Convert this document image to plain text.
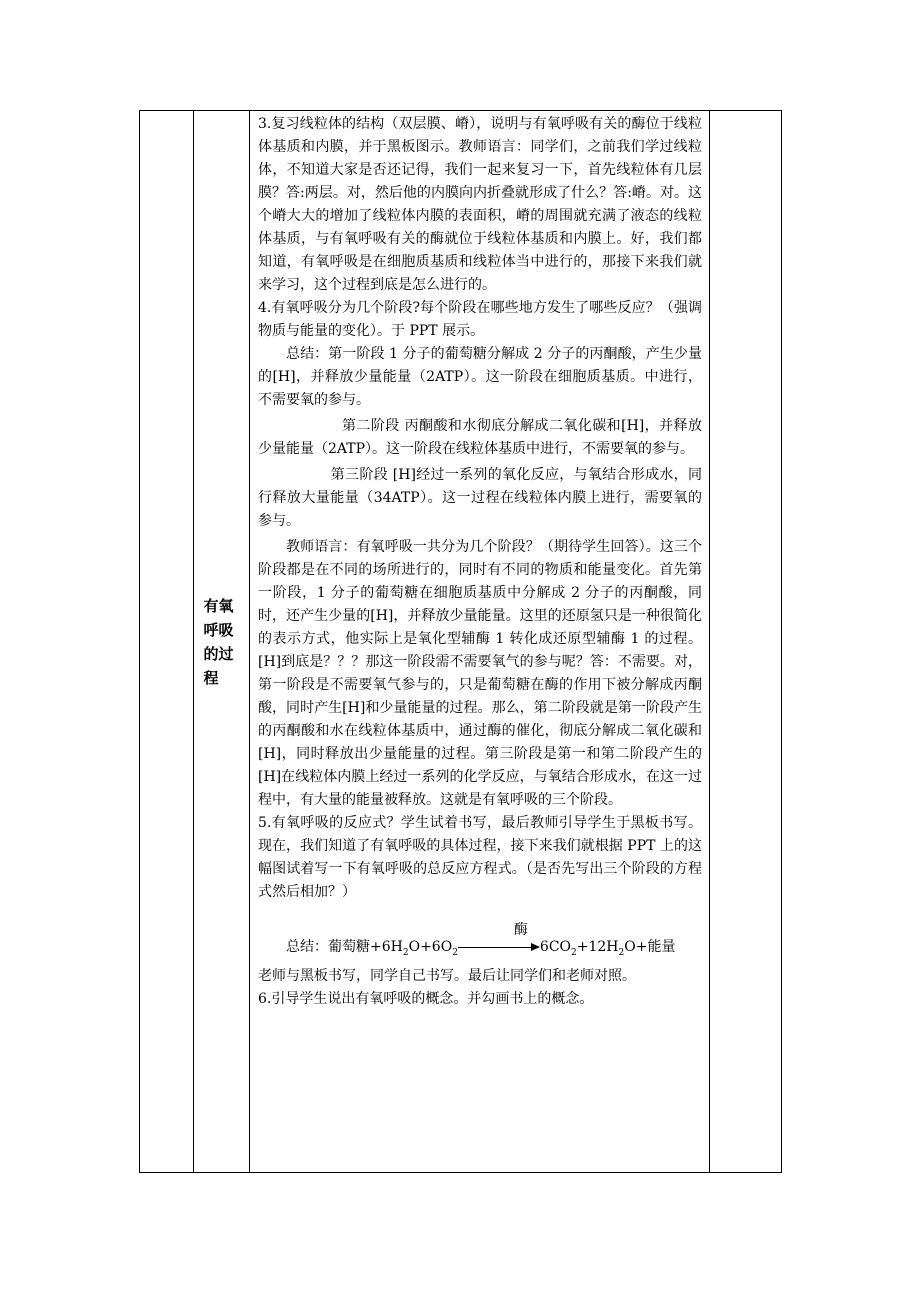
有氧呼吸的过程

3.复习线粒体的结构（双层膜、嵴），说明与有氧呼吸有关的酶位于线粒体基质和内膜，并于黑板图示。教师语言：同学们，之前我们学过线粒体，不知道大家是否还记得，我们一起来复习一下，首先线粒体有几层膜？答:两层。对，然后他的内膜向内折叠就形成了什么？答:嵴。对。这个嵴大大的增加了线粒体内膜的表面积，嵴的周围就充满了液态的线粒体基质，与有氧呼吸有关的酶就位于线粒体基质和内膜上。好，我们都知道，有氧呼吸是在细胞质基质和线粒体当中进行的，那接下来我们就来学习，这个过程到底是怎么进行的。

4.有氧呼吸分为几个阶段?每个阶段在哪些地方发生了哪些反应？（强调物质与能量的变化）。于 PPT 展示。

总结：第一阶段 1 分子的葡萄糖分解成 2 分子的丙酮酸，产生少量的[H]，并释放少量能量（2ATP）。这一阶段在细胞质基质。中进行，不需要氧的参与。

第二阶段 丙酮酸和水彻底分解成二氧化碳和[H]，并释放少量能量（2ATP）。这一阶段在线粒体基质中进行，不需要氧的参与。

第三阶段 [H]经过一系列的氧化反应，与氧结合形成水，同行释放大量能量（34ATP）。这一过程在线粒体内膜上进行，需要氧的参与。

教师语言：有氧呼吸一共分为几个阶段？（期待学生回答）。这三个阶段都是在不同的场所进行的，同时有不同的物质和能量变化。首先第一阶段，1 分子的葡萄糖在细胞质基质中分解成 2 分子的丙酮酸，同时，还产生少量的[H]，并释放少量能量。这里的还原氢只是一种很简化的表示方式，他实际上是氧化型辅酶 1 转化成还原型辅酶 1 的过程。[H]到底是？？？那这一阶段需不需要氧气的参与呢？答：不需要。对，第一阶段是不需要氧气参与的，只是葡萄糖在酶的作用下被分解成丙酮酸，同时产生[H]和少量能量的过程。那么，第二阶段就是第一阶段产生的丙酮酸和水在线粒体基质中，通过酶的催化，彻底分解成二氧化碳和[H]，同时释放出少量能量的过程。第三阶段是第一和第二阶段产生的[H]在线粒体内膜上经过一系列的化学反应，与氧结合形成水，在这一过程中，有大量的能量被释放。这就是有氧呼吸的三个阶段。

5.有氧呼吸的反应式？学生试着书写，最后教师引导学生于黑板书写。现在，我们知道了有氧呼吸的具体过程，接下来我们就根据 PPT 上的这幅图试着写一下有氧呼吸的总反应方程式。（是否先写出三个阶段的方程式然后相加？）

总结：葡萄糖$+6H_2O+6O_2$
酶
$6CO_2+12H_2O+$能量

老师与黑板书写，同学自己书写。最后让同学们和老师对照。

6.引导学生说出有氧呼吸的概念。并勾画书上的概念。
